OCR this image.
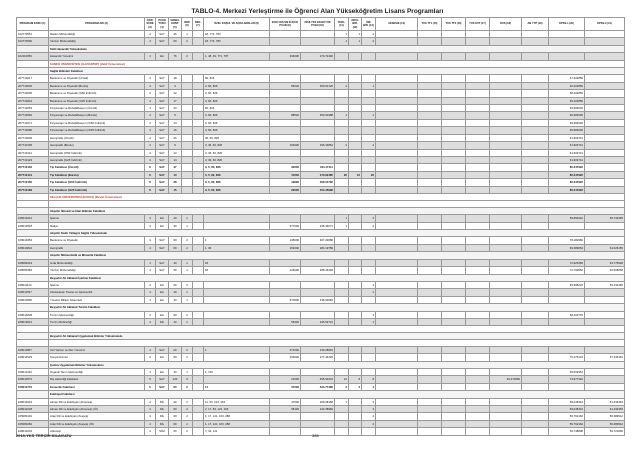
TABLO-4. Merkezi Yerleştirme ile Öğrenci Alan Yükseköğretim Lisans Programları
PROGRAM KODU (1)	PROGRAM ADI (2)	ÖĞR. SÜRE (3)	PUAN TÜRÜ (4)	GENEL KONT. (5)	OBK (6)	DEK. (7)	ÖZEL KOŞUL VE AÇIKLAMALAR (8)	2018-YKS EN KÜÇÜK PUAN (9)	2018-YKS EN BÜYÜK PUAN (10)	YERL. (11)	OKUL BİR. (12)	ÜNİ. BİR. (13)	AKSESİK (14)	TUS TT1 (15)	TUS TT2 (16)	TUS KTP (17)	DUS (18)	AB YYP (19)	KPSS-1 (20)	KPSS-2 (21)
102770051	Maden Mühendisliği	4	SAY	46	1		18, 773, 783			1	1	2								
102770060	Yazılım Mühendisliği	4	SAY	60	2		18, 772, 783			1	1	2								
	Sinil Havacılık Yüksekokulu																			
102110059	Havacılık Yönetimi	4	EA	76	2		1, 48, 49, 771, 787	334000	270.72492											
	SANKO ÜNİVERSİTESİ (GAZİANTEP) (Vakıf Üniversitesi)																			
	Sağlık Bilimleri Fakültesi																			
207710017	Beslenme ve Diyetetik (Ücretli)	4	SAY	18			60, 826												67.202856	
207710026	Beslenme ve Diyetetik (Burslu)	4	SAY	3			3, 60, 826	86030	350.62126	2		1							60.202856	
207710035	Beslenme ve Diyetetik (%50 İndirimli)	4	SAY	12			3, 60, 826												68.202856	
207710044	Beslenme ve Diyetetik (%25 İndirimli)	4	SAY	17			3, 60, 826												69.202856	
207710053	Fizyoterapi ve Rehabilitasyon (Ücretli)	4	SAY	20			60, 826												69.984636	
207710062	Fizyoterapi ve Rehabilitasyon (Burslu)	4	SAY	5			3, 60, 826	88520	353.61988	1		1							60.984636	
207710071	Fizyoterapi ve Rehabilitasyon (%50 İndirimli)	4	SAY	14			3, 60, 826												69.984636	
207710080	Fizyoterapi ve Rehabilitasyon (%25 İndirimli)	4	SAY	16			3, 60, 826												69.984636	
207710099	Hemşirelik (Ücretli)	4	SAY	26			36, 60, 826												61.903741	
207710105	Hemşirelik (Burslu)	4	SAY	5			3, 36, 60, 826	164000	296.33864	2		2							61.903741	
207710114	Hemşirelik (%50 İndirimli)	4	SAY	13			3, 36, 60, 826												61.903741	
207710123	Hemşirelik (%25 İndirimli)	4	SAY	14			3, 36, 60, 826												61.903741	
207710132	Tıp Fakültesi (Ücretli)	6	SAY	47			3, 5, 60, 826	32030	434.17411										80.347922	
207710141	Tıp Fakültesi (Burslu)	6	SAY	10			3, 5, 60, 826	15230	470.92485	20	13	20							80.247922	
207710150	Tıp Fakültesi (%50 İndirimli)	6	SAY	28			3, 5, 60, 826	19690	460.04730										80.347922	
207710169	Tıp Fakültesi (%25 İndirimli)	6	SAY	15			3, 5, 60, 826	22000	454.45996										80.347922	
	SELÇUK ÜNİVERSİTESİ (KONYA) (Devlet Üniversitesi)																			

	Akşehir İktisadi ve İdari Bilimler Fakültesi																			
108010212	İşletme	4	EA	40	1					1		2							59.890222	59.734465
108010518	Maliye	4	EA	30	1			577000	235.49271	1		2								
	Akşehir Kadir Yallagöz Sağlık Yüksekokulu																			
108010353	Beslenme ve Diyetetik	4	SAY	60	2		1	145000	307.29680										78.182960	
108010824	Hemşirelik	4	SAY	60	2		1, 36	151000	284.19789										69.389654	61.026155
	Akşehir Mühendislik ve Mimarlık Fakültesi																			
108080219	Gıda Mühendisliği	4	SAY	40	1		18												72.925456	63.775948
108080384	Yazılım Mühendisliği	4	SAY	60	1		18	226000	288.34249										72.790652	62.568050
	Beyşehir Ali Akkanat İşletme Fakültesi																			
108011122	İşletme	4	EA	60	2							4							69.998222	59.234465
108011537	Uluslararası Ticaret ve İşletmecilik	4	EA	40	1							1								
108011558	Yönetim Bilişim Sistemleri	4	EA	40	1			570000	236.02084											
	Beyşehir Ali Akkanat Turizm Fakültesi																			
108014828	Turizm İşletmeciliği	4	EA	60	2							1							68.403776	
108013621	Turizm Rehberliği	4	DİL	40	1			56400	245.62731			1								

	Beyşehir Ali Akkanat Uygulamalı Bilimler Yüksekokulu																			

108011867	Acil Yardım ve Afet Yönetimi	4	SAY	60	2		1	371000	230.28616											
108014529	Sosyal Hizmet	4	EA	60	2			260000	277.44326										76.476101	67.336161
	Çumra Uygulamalı Bilimler Yüksekokulu																			
108011316	Organik Tarım İşletmeciliği	4	EA	30	1		1, 740												65.069351	
108010572	Diş Hekimliği Fakültesi	5	SAY	120	3			21600	455.91001	21	8	8					49.270666		73.977322	
108010776	Eczacılık Fakültesi	5	SAY	60	2		11	37200	424.77480	2	2	4								
	Edebiyat Fakültesi																			
108010219	Alman Dili ve Edebiyatı (Almanca)	4	DİL	60	2		11, 53, 124, 163	47000	269.08168	1		3							59.045343	51.434353
108010228	Alman Dili ve Edebiyatı (Almanca) (İÖ)	4	DİL	60	2		2, 17, 53, 124, 163	58100	244.38966			3							59.045343	51.434353
105080191	Arap Dili ve Edebiyatı (Arapça)	4	DİL	60	2		1, 17, 121, 163, 288					2							59.762162	56.389512
105080282	Arap Dili ve Edebiyatı (Arapça) (İÖ)	4	DİL	60	2		1, 17, 121, 163, 288					2							59.762162	56.389512
108010234	Arkeoloji	4	SÖZ	60	2		7, 34, 121												59.748808	59.721800
2019-YKS TERCİH KILAVUZU	386
